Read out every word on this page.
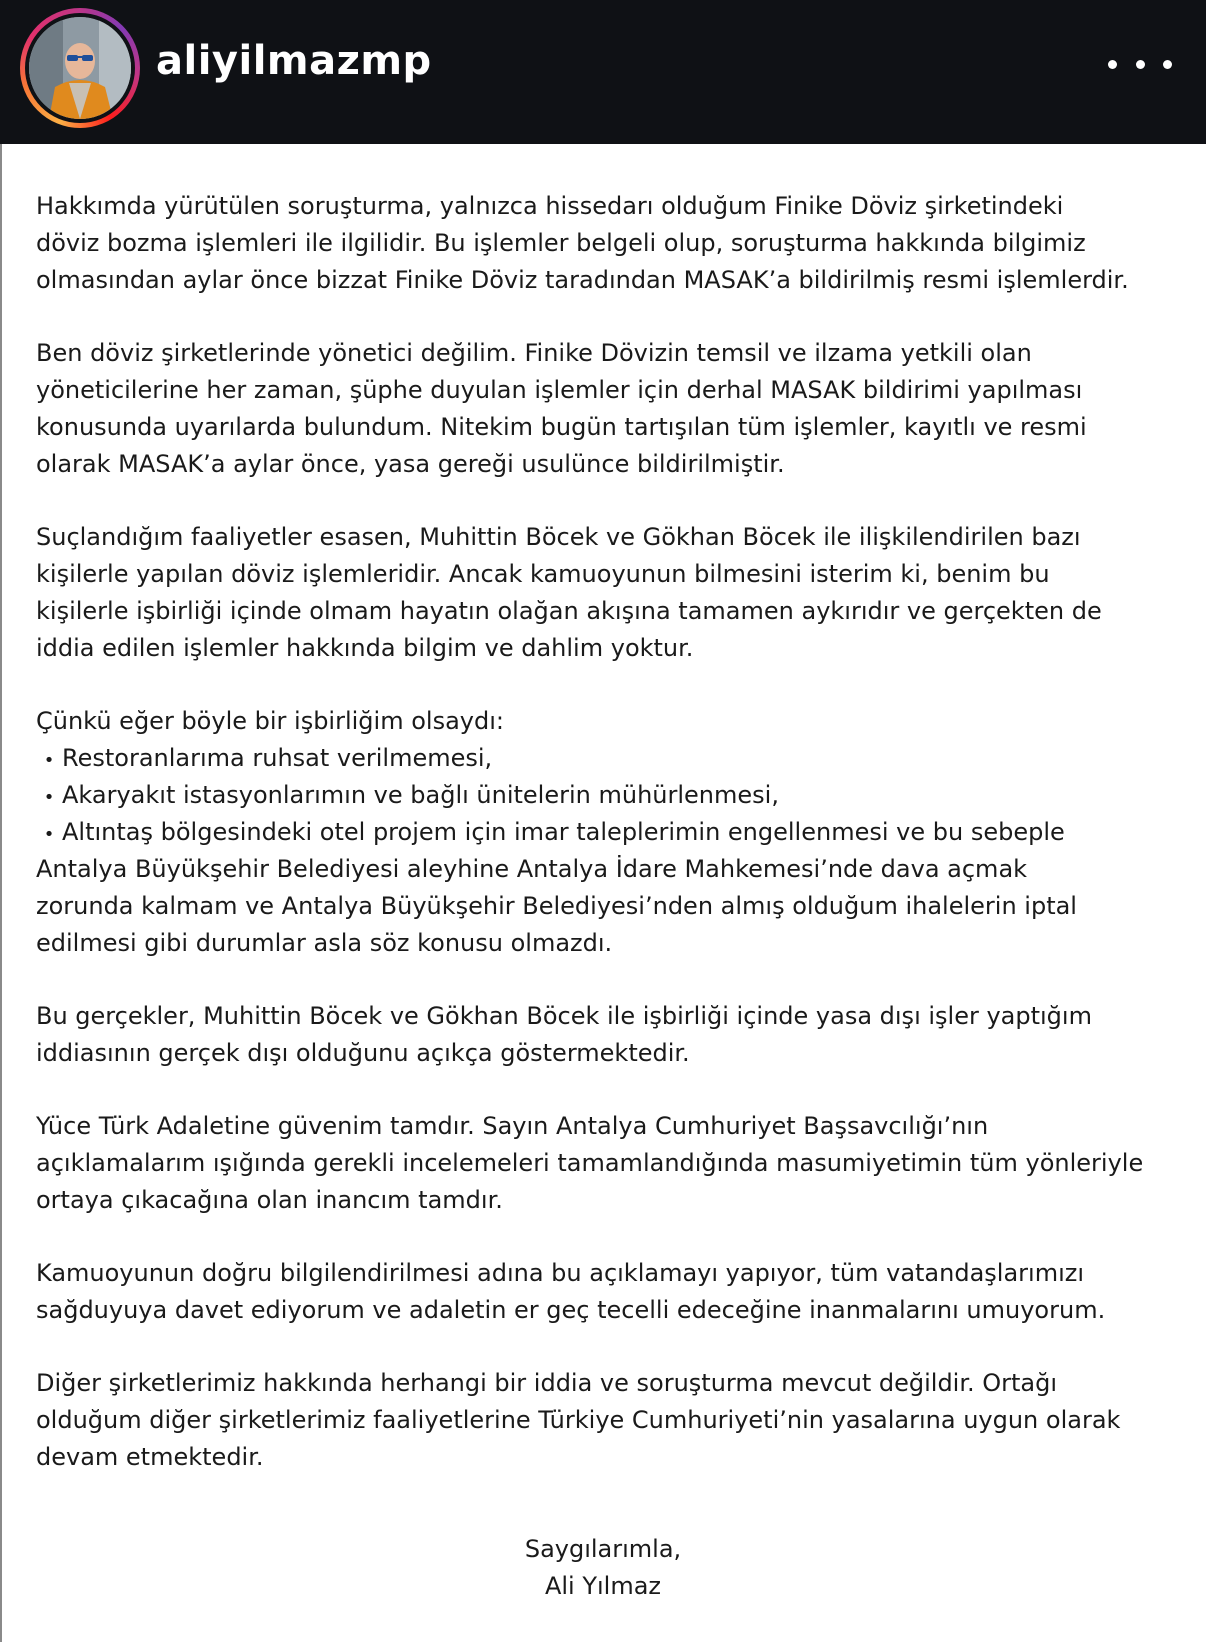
aliyilmazmp
Hakkımda yürütülen soruşturma, yalnızca hissedarı olduğum Finike Döviz şirketindeki
döviz bozma işlemleri ile ilgilidir. Bu işlemler belgeli olup, soruşturma hakkında bilgimiz
olmasından aylar önce bizzat Finike Döviz taradından MASAK’a bildirilmiş resmi işlemlerdir.
Ben döviz şirketlerinde yönetici değilim. Finike Dövizin temsil ve ilzama yetkili olan
yöneticilerine her zaman, şüphe duyulan işlemler için derhal MASAK bildirimi yapılması
konusunda uyarılarda bulundum. Nitekim bugün tartışılan tüm işlemler, kayıtlı ve resmi
olarak MASAK’a aylar önce, yasa gereği usulünce bildirilmiştir.
Suçlandığım faaliyetler esasen, Muhittin Böcek ve Gökhan Böcek ile ilişkilendirilen bazı
kişilerle yapılan döviz işlemleridir. Ancak kamuoyunun bilmesini isterim ki, benim bu
kişilerle işbirliği içinde olmam hayatın olağan akışına tamamen aykırıdır ve gerçekten de
iddia edilen işlemler hakkında bilgim ve dahlim yoktur.
Çünkü eğer böyle bir işbirliğim olsaydı:
• Restoranlarıma ruhsat verilmemesi,
• Akaryakıt istasyonlarımın ve bağlı ünitelerin mühürlenmesi,
• Altıntaş bölgesindeki otel projem için imar taleplerimin engellenmesi ve bu sebeple
Antalya Büyükşehir Belediyesi aleyhine Antalya İdare Mahkemesi’nde dava açmak
zorunda kalmam ve Antalya Büyükşehir Belediyesi’nden almış olduğum ihalelerin iptal
edilmesi gibi durumlar asla söz konusu olmazdı.
Bu gerçekler, Muhittin Böcek ve Gökhan Böcek ile işbirliği içinde yasa dışı işler yaptığım
iddiasının gerçek dışı olduğunu açıkça göstermektedir.
Yüce Türk Adaletine güvenim tamdır. Sayın Antalya Cumhuriyet Başsavcılığı’nın
açıklamalarım ışığında gerekli incelemeleri tamamlandığında masumiyetimin tüm yönleriyle
ortaya çıkacağına olan inancım tamdır.
Kamuoyunun doğru bilgilendirilmesi adına bu açıklamayı yapıyor, tüm vatandaşlarımızı
sağduyuya davet ediyorum ve adaletin er geç tecelli edeceğine inanmalarını umuyorum.
Diğer şirketlerimiz hakkında herhangi bir iddia ve soruşturma mevcut değildir. Ortağı
olduğum diğer şirketlerimiz faaliyetlerine Türkiye Cumhuriyeti’nin yasalarına uygun olarak
devam etmektedir.
Saygılarımla,
Ali Yılmaz
